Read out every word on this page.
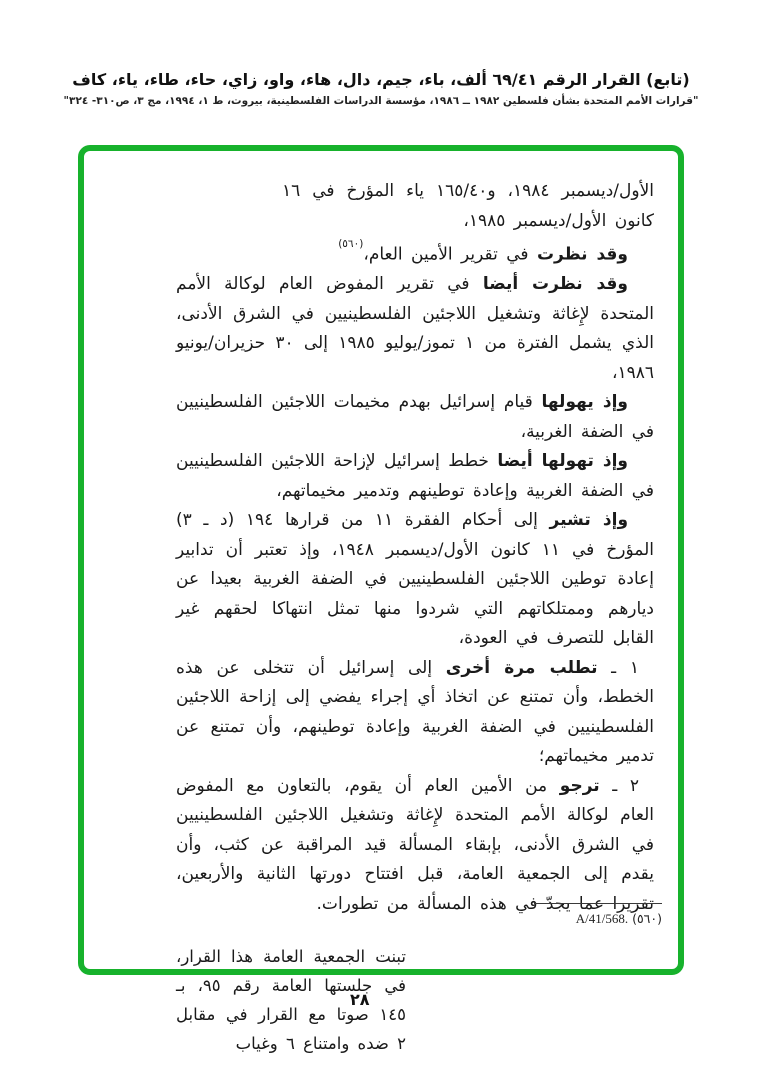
(تابع) القرار الرقم ٦٩/٤١ ألف، باء، جيم، دال، هاء، واو، زاي، حاء، طاء، ياء، كاف
"قرارات الأمم المتحدة بشأن فلسطين ١٩٨٢ ــ ١٩٨٦، مؤسسة الدراسات الفلسطينية، بيروت، ط ١، ١٩٩٤، مج ٣، ص٣١٠- ٣٢٤"

الأول/ديسمبر ١٩٨٤، و١٦٥/٤٠ ياء المؤرخ في ١٦ كانون الأول/ديسمبر ١٩٨٥،

وقد نظرت في تقرير الأمين العام،$^{(٥٦٠)}$

وقد نظرت أيضا في تقرير المفوض العام لوكالة الأمم المتحدة لإِغاثة وتشغيل اللاجئين الفلسطينيين في الشرق الأدنى، الذي يشمل الفترة من ١ تموز/يوليو ١٩٨٥ إلى ٣٠ حزيران/يونيو ١٩٨٦،

وإذ يهولها قيام إسرائيل بهدم مخيمات اللاجئين الفلسطينيين في الضفة الغربية،

وإذ تهولها أيضا خطط إسرائيل لإزاحة اللاجئين الفلسطينيين في الضفة الغربية وإعادة توطينهم وتدمير مخيماتهم،

وإذ تشير إلى أحكام الفقرة ١١ من قرارها ١٩٤ (د ـ ٣) المؤرخ في ١١ كانون الأول/ديسمبر ١٩٤٨، وإذ تعتبر أن تدابير إعادة توطين اللاجئين الفلسطينيين في الضفة الغربية بعيدا عن ديارهم وممتلكاتهم التي شردوا منها تمثل انتهاكا لحقهم غير القابل للتصرف في العودة،

١ ـ تطلب مرة أخرى إلى إسرائيل أن تتخلى عن هذه الخطط، وأن تمتنع عن اتخاذ أي إجراء يفضي إلى إزاحة اللاجئين الفلسطينيين في الضفة الغربية وإعادة توطينهم، وأن تمتنع عن تدمير مخيماتهم؛

٢ ـ ترجو من الأمين العام أن يقوم، بالتعاون مع المفوض العام لوكالة الأمم المتحدة لإِغاثة وتشغيل اللاجئين الفلسطينيين في الشرق الأدنى، بإبقاء المسألة قيد المراقبة عن كثب، وأن يقدم إلى الجمعية العامة، قبل افتتاح دورتها الثانية والأربعين، تقريرا عما يجدّ في هذه المسألة من تطورات.

تبنت الجمعية العامة هذا القرار، في جلستها العامة رقم ٩٥، بـ ١٤٥ صوتا مع القرار في مقابل ٢ ضده وامتناع ٦ وغياب
(٥٦٠) A/41/568.
٢٨
